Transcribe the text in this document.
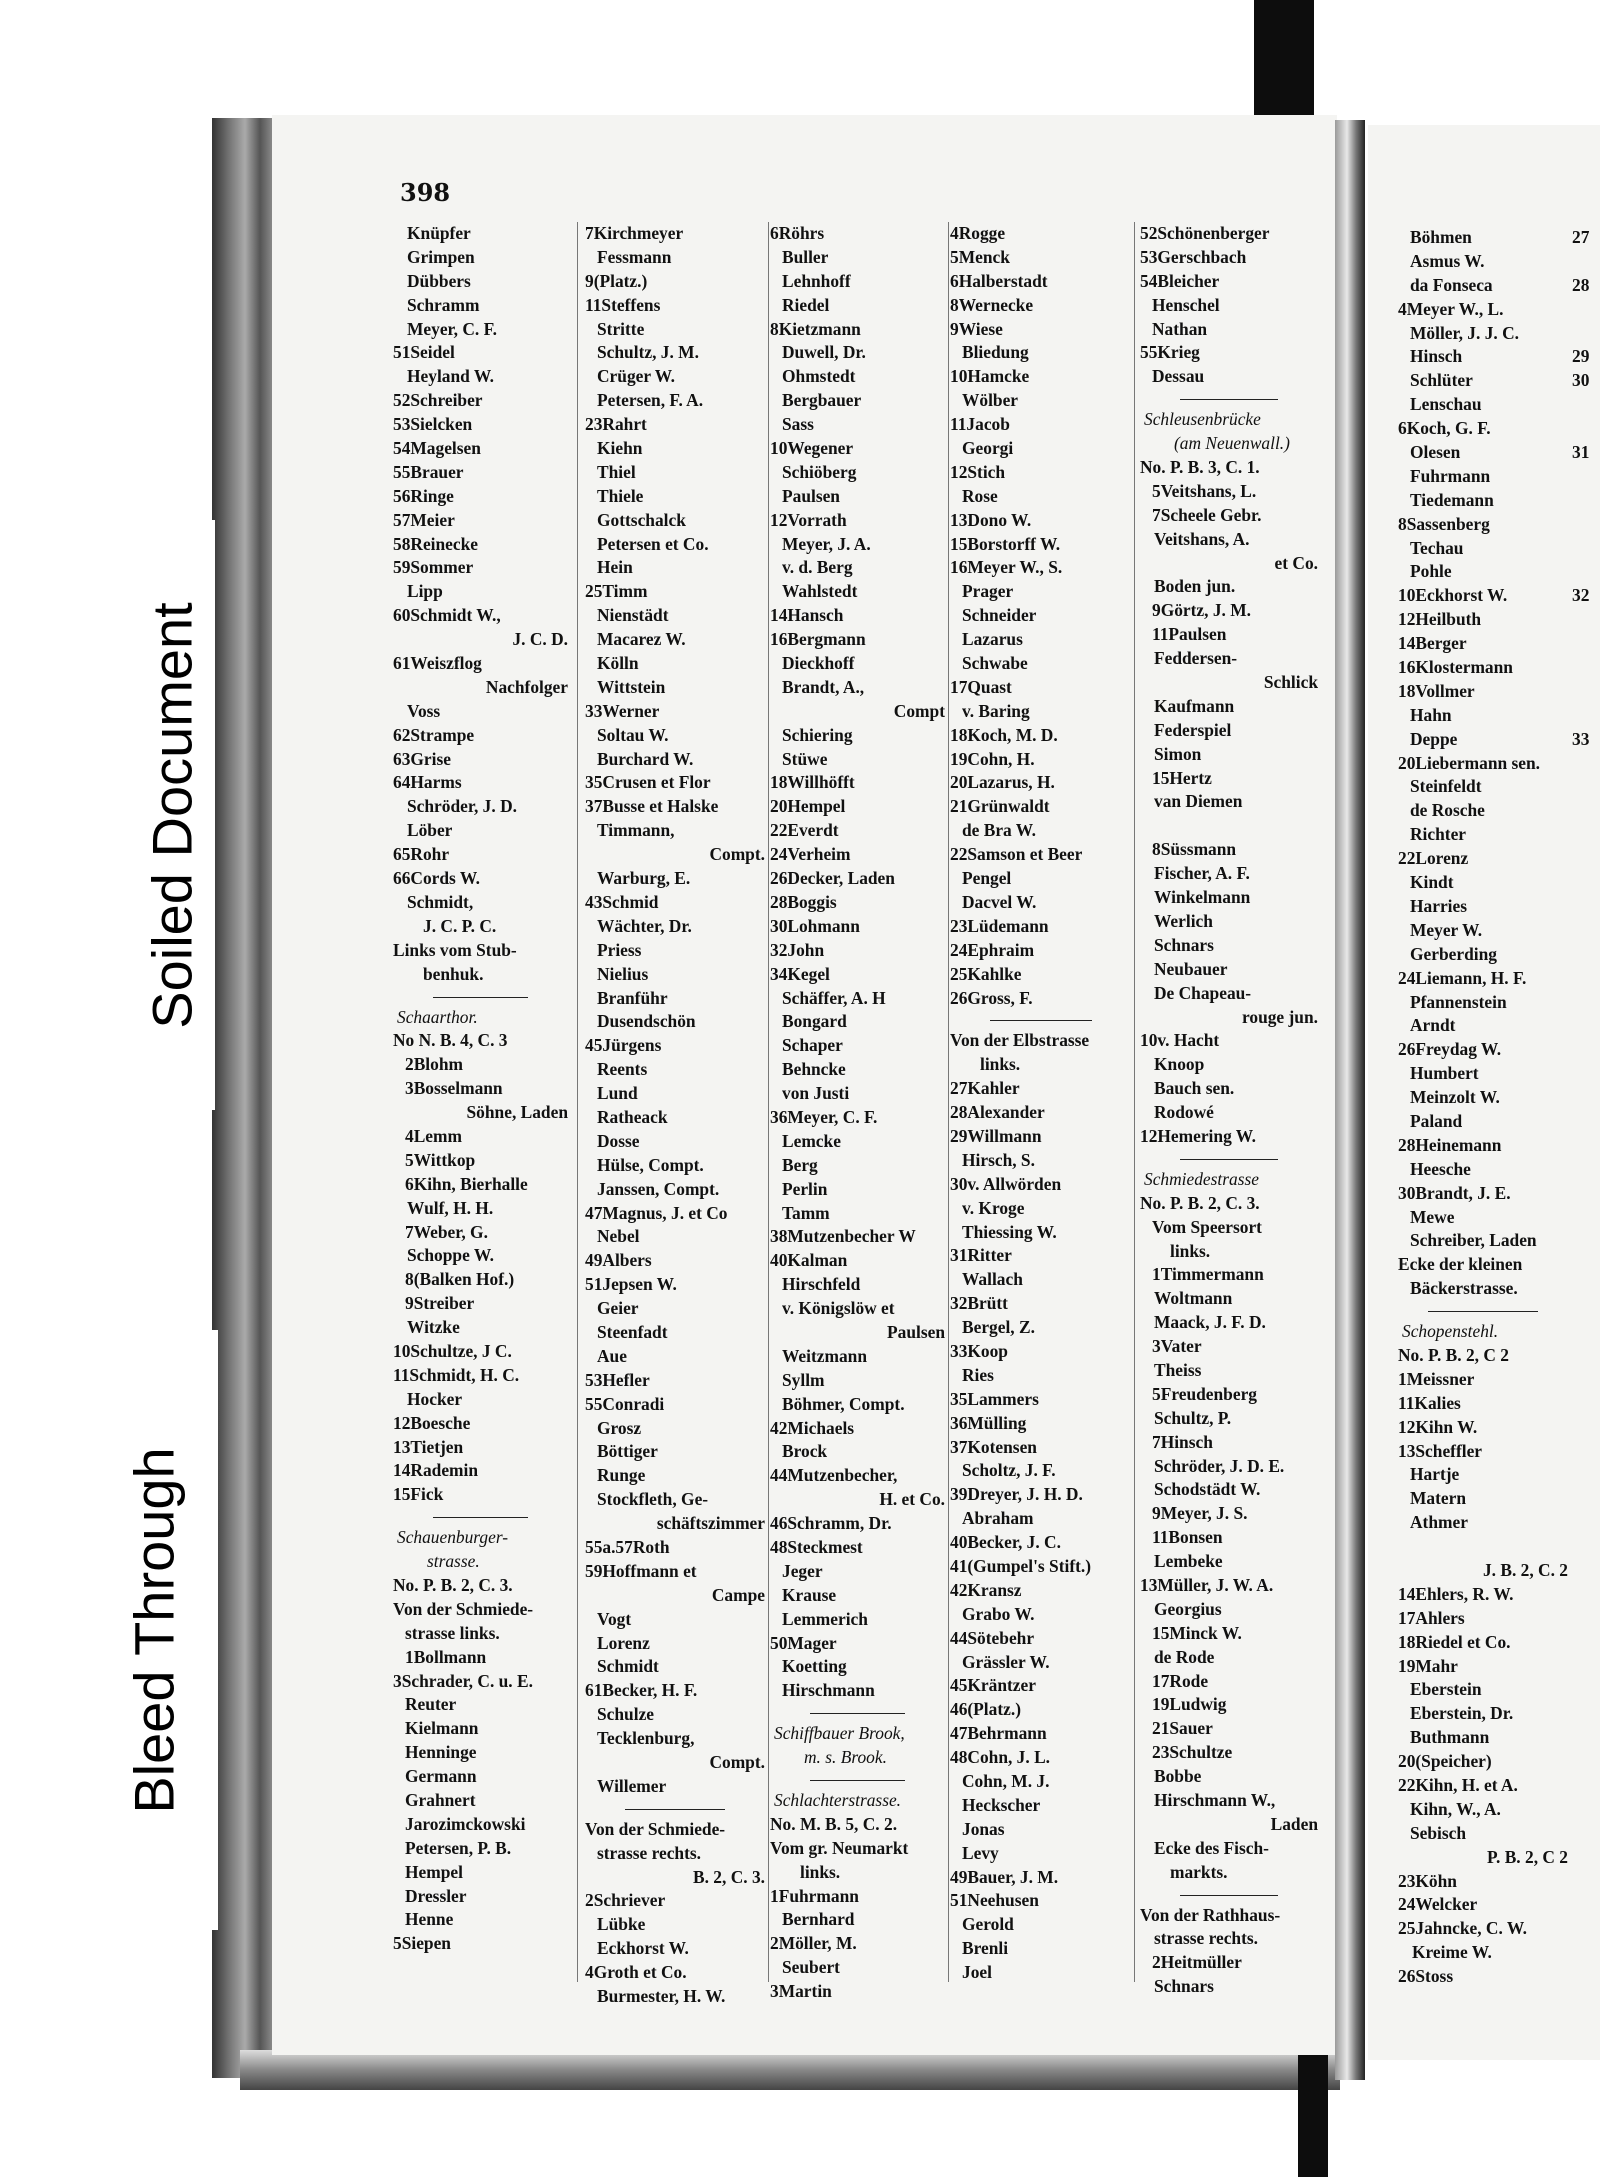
398
Knüpfer
Grimpen
Dübbers
Schramm
Meyer, C. F.
51Seidel
Heyland W.
52Schreiber
53Sielcken
54Magelsen
55Brauer
56Ringe
57Meier
58Reinecke
59Sommer
Lipp
60Schmidt W.,
J. C. D.
61Weiszflog
Nachfolger
Voss
62Strampe
63Grise
64Harms
Schröder, J. D.
Löber
65Rohr
66Cords W.
Schmidt,
J. C. P. C.
Links vom Stub-
benhuk.
Schaarthor.
No N. B. 4, C. 3
2Blohm
3Bosselmann
Söhne, Laden
4Lemm
5Wittkop
6Kihn, Bierhalle
Wulf, H. H.
7Weber, G.
Schoppe W.
8(Balken Hof.)
9Streiber
Witzke
10Schultze, J C.
11Schmidt, H. C.
Hocker
12Boesche
13Tietjen
14Rademin
15Fick
Schauenburger-
strasse.
No. P. B. 2, C. 3.
Von der Schmiede-
strasse links.
1Bollmann
3Schrader, C. u. E.
Reuter
Kielmann
Henninge
Germann
Grahnert
Jarozimckowski
Petersen, P. B.
Hempel
Dressler
Henne
5Siepen
7Kirchmeyer
Fessmann
9(Platz.)
11Steffens
Stritte
Schultz, J. M.
Crüger W.
Petersen, F. A.
23Rahrt
Kiehn
Thiel
Thiele
Gottschalck
Petersen et Co.
Hein
25Timm
Nienstädt
Macarez W.
Kölln
Wittstein
33Werner
Soltau W.
Burchard W.
35Crusen et Flor
37Busse et Halske
Timmann,
Compt.
Warburg, E.
43Schmid
Wächter, Dr.
Priess
Nielius
Branführ
Dusendschön
45Jürgens
Reents
Lund
Ratheack
Dosse
Hülse, Compt.
Janssen, Compt.
47Magnus, J. et Co
Nebel
49Albers
51Jepsen W.
Geier
Steenfadt
Aue
53Hefler
55Conradi
Grosz
Böttiger
Runge
Stockfleth, Ge-
schäftszimmer
55a.57Roth
59Hoffmann et
Campe
Vogt
Lorenz
Schmidt
61Becker, H. F.
Schulze
Tecklenburg,
Compt.
Willemer
Von der Schmiede-
strasse rechts.
B. 2, C. 3.
2Schriever
Lübke
Eckhorst W.
4Groth et Co.
Burmester, H. W.
6Röhrs
Buller
Lehnhoff
Riedel
8Kietzmann
Duwell, Dr.
Ohmstedt
Bergbauer
Sass
10Wegener
Schiöberg
Paulsen
12Vorrath
Meyer, J. A.
v. d. Berg
Wahlstedt
14Hansch
16Bergmann
Dieckhoff
Brandt, A.,
Compt
Schiering
Stüwe
18Willhöfft
20Hempel
22Everdt
24Verheim
26Decker, Laden
28Boggis
30Lohmann
32John
34Kegel
Schäffer, A. H
Bongard
Schaper
Behncke
von Justi
36Meyer, C. F.
Lemcke
Berg
Perlin
Tamm
38Mutzenbecher W
40Kalman
Hirschfeld
v. Königslöw et
Paulsen
Weitzmann
Syllm
Böhmer, Compt.
42Michaels
Brock
44Mutzenbecher,
H. et Co.
46Schramm, Dr.
48Steckmest
Jeger
Krause
Lemmerich
50Mager
Koetting
Hirschmann
Schiffbauer Brook,
m. s. Brook.
Schlachterstrasse.
No. M. B. 5, C. 2.
Vom gr. Neumarkt
links.
1Fuhrmann
Bernhard
2Möller, M.
Seubert
3Martin
4Rogge
5Menck
6Halberstadt
8Wernecke
9Wiese
Bliedung
10Hamcke
Wölber
11Jacob
Georgi
12Stich
Rose
13Dono W.
15Borstorff W.
16Meyer W., S.
Prager
Schneider
Lazarus
Schwabe
17Quast
v. Baring
18Koch, M. D.
19Cohn, H.
20Lazarus, H.
21Grünwaldt
de Bra W.
22Samson et Beer
Pengel
Dacvel W.
23Lüdemann
24Ephraim
25Kahlke
26Gross, F.
Von der Elbstrasse
links.
27Kahler
28Alexander
29Willmann
Hirsch, S.
30v. Allwörden
v. Kroge
Thiessing W.
31Ritter
Wallach
32Brütt
Bergel, Z.
33Koop
Ries
35Lammers
36Mülling
37Kotensen
Scholtz, J. F.
39Dreyer, J. H. D.
Abraham
40Becker, J. C.
41(Gumpel's Stift.)
42Kransz
Grabo W.
44Sötebehr
Grässler W.
45Kräntzer
46(Platz.)
47Behrmann
48Cohn, J. L.
Cohn, M. J.
Heckscher
Jonas
Levy
49Bauer, J. M.
51Neehusen
Gerold
Brenli
Joel
52Schönenberger
53Gerschbach
54Bleicher
Henschel
Nathan
55Krieg
Dessau
Schleusenbrücke
(am Neuenwall.)
No. P. B. 3, C. 1.
5Veitshans, L.
7Scheele Gebr.
Veitshans, A.
et Co.
Boden jun.
9Görtz, J. M.
11Paulsen
Feddersen-
Schlick
Kaufmann
Federspiel
Simon
15Hertz
van Diemen
8Süssmann
Fischer, A. F.
Winkelmann
Werlich
Schnars
Neubauer
De Chapeau-
rouge jun.
10v. Hacht
Knoop
Bauch sen.
Rodowé
12Hemering W.
Schmiedestrasse
No. P. B. 2, C. 3.
Vom Speersort
links.
1Timmermann
Woltmann
Maack, J. F. D.
3Vater
Theiss
5Freudenberg
Schultz, P.
7Hinsch
Schröder, J. D. E.
Schodstädt W.
9Meyer, J. S.
11Bonsen
Lembeke
13Müller, J. W. A.
Georgius
15Minck W.
de Rode
17Rode
19Ludwig
21Sauer
23Schultze
Bobbe
Hirschmann W.,
Laden
Ecke des Fisch-
markts.
Von der Rathhaus-
strasse rechts.
2Heitmüller
Schnars
Böhmen
Asmus W.
da Fonseca
4Meyer W., L.
Möller, J. J. C.
Hinsch
Schlüter
Lenschau
6Koch, G. F.
Olesen
Fuhrmann
Tiedemann
8Sassenberg
Techau
Pohle
10Eckhorst W.
12Heilbuth
14Berger
16Klostermann
18Vollmer
Hahn
Deppe
20Liebermann sen.
Steinfeldt
de Rosche
Richter
22Lorenz
Kindt
Harries
Meyer W.
Gerberding
24Liemann, H. F.
Pfannenstein
Arndt
26Freydag W.
Humbert
Meinzolt W.
Paland
28Heinemann
Heesche
30Brandt, J. E.
Mewe
Schreiber, Laden
Ecke der kleinen
Bäckerstrasse.
Schopenstehl.
No. P. B. 2, C 2
1Meissner
11Kalies
12Kihn W.
13Scheffler
Hartje
Matern
Athmer
J. B. 2, C. 2
14Ehlers, R. W.
17Ahlers
18Riedel et Co.
19Mahr
Eberstein
Eberstein, Dr.
Buthmann
20(Speicher)
22Kihn, H. et A.
Kihn, W., A.
Sebisch
P. B. 2, C 2
23Köhn
24Welcker
25Jahncke, C. W.
Kreime W.
26Stoss
27
28
29
30
31
32
33
Soiled Document
Bleed Through
